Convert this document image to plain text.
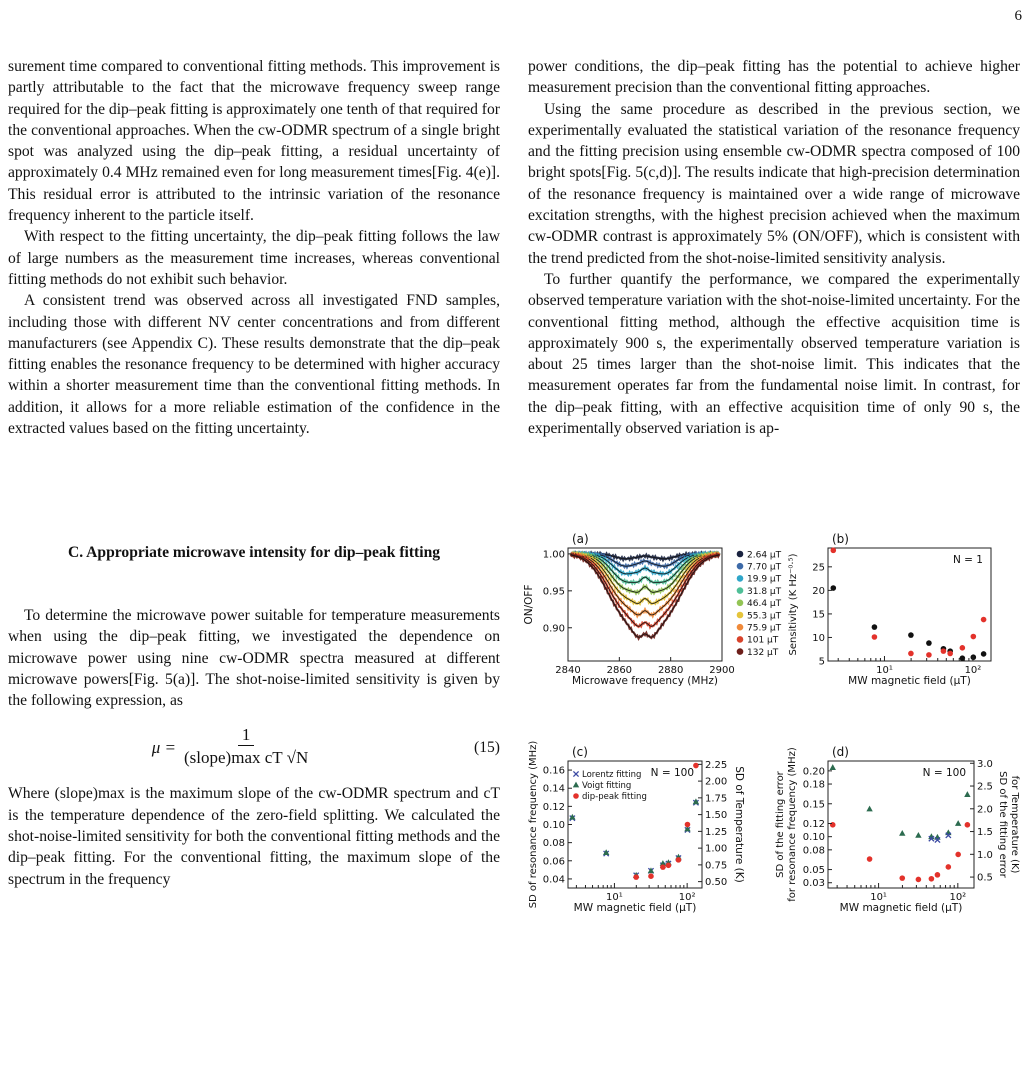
6

surement time compared to conventional fitting methods. This improvement is partly attributable to the fact that the microwave frequency sweep range required for the dip–peak fitting is approximately one tenth of that required for the conventional approaches. When the cw-ODMR spectrum of a single bright spot was analyzed using the dip–peak fitting, a residual uncertainty of approximately 0.4 MHz remained even for long measurement times[Fig. 4(e)]. This residual error is attributed to the intrinsic variation of the resonance frequency inherent to the particle itself.

With respect to the fitting uncertainty, the dip–peak fitting follows the law of large numbers as the measurement time increases, whereas conventional fitting methods do not exhibit such behavior.

A consistent trend was observed across all investigated FND samples, including those with different NV center concentrations and from different manufacturers (see Appendix C). These results demonstrate that the dip–peak fitting enables the resonance frequency to be determined with higher accuracy within a shorter measurement time than the conventional fitting methods. In addition, it allows for a more reliable estimation of the confidence in the extracted values based on the fitting uncertainty.

C. Appropriate microwave intensity for dip–peak fitting

To determine the microwave power suitable for temperature measurements when using the dip–peak fitting, we investigated the dependence on microwave power using nine cw-ODMR spectra measured at different microwave powers[Fig. 5(a)]. The shot-noise-limited sensitivity is given by the following expression, as

$\mu = \frac{1}{\text{(slope)max cT √N}}$	(15)

Where (slope)max is the maximum slope of the cw-ODMR spectrum and cT is the temperature dependence of the zero-field splitting. We calculated the shot-noise-limited sensitivity for both the conventional fitting methods and the dip–peak fitting. For the conventional fitting, the maximum slope of the spectrum in the frequency

power conditions, the dip–peak fitting has the potential to achieve higher measurement precision than the conventional fitting approaches.

Using the same procedure as described in the previous section, we experimentally evaluated the statistical variation of the resonance frequency and the fitting precision using ensemble cw-ODMR spectra composed of 100 bright spots[Fig. 5(c,d)]. The results indicate that high-precision determination of the resonance frequency is maintained over a wide range of microwave excitation strengths, with the highest precision achieved when the maximum cw-ODMR contrast is approximately 5% (ON/OFF), which is consistent with the trend predicted from the shot-noise-limited sensitivity analysis.

To further quantify the performance, we compared the experimentally observed temperature variation with the shot-noise-limited uncertainty. For the conventional fitting method, although the effective acquisition time is approximately 900 s, the experimentally observed temperature variation is about 25 times larger than the shot-noise limit. This indicates that the measurement operates far from the fundamental noise limit. In contrast, for the dip–peak fitting, with an effective acquisition time of only 90 s, the experimentally observed variation is ap-

(a)
0.90
0.95
1.00
2840	2860	2880	2900
Microwave frequency (MHz)
ON/OFF
2.64 μT
7.70 μT
19.9 μT
31.8 μT
46.4 μT
55.3 μT
75.9 μT
101 μT
132 μT
(b)
5
10
15
20
25
10¹	10²
MW magnetic field (μT)
Sensitivity (K Hz⁻⁰·⁵)	N = 1
(c)
0.04
0.06
0.08
0.10
0.12
0.14
0.16
0.50
0.75
1.00
1.25
1.50
1.75
2.00
2.25
10¹	10²
MW magnetic field (μT)
SD of resonance frequency (MHz)	SD of Temperature (K)
N = 100
Lorentz fitting
Voigt fitting
dip-peak fitting
(d)
0.03
0.05
0.08
0.10
0.12
0.15
0.18
0.20
0.5
1.0
1.5
2.0
2.5
3.0
10¹	10²
MW magnetic field (μT)
SD of the fitting error for resonance frequency (MHz)	SD of the fitting error for Temperature (K)
N = 100
